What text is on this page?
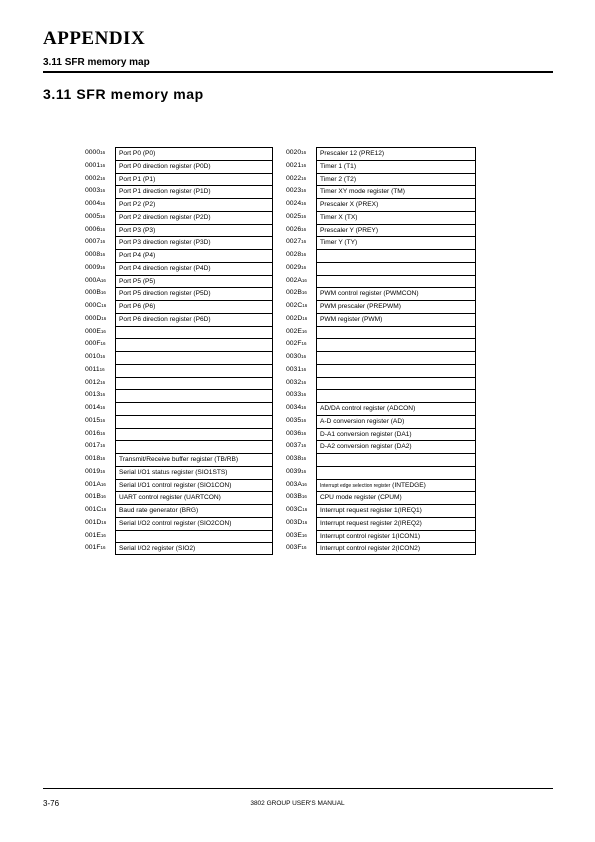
APPENDIX
3.11 SFR memory map
3.11 SFR memory map
000016	Port P0 (P0)
000116	Port P0 direction register (P0D)
000216	Port P1 (P1)
000316	Port P1 direction register (P1D)
000416	Port P2 (P2)
000516	Port P2 direction register (P2D)
000616	Port P3 (P3)
000716	Port P3 direction register (P3D)
000816	Port P4 (P4)
000916	Port P4 direction register (P4D)
000A16	Port P5 (P5)
000B16	Port P5 direction register (P5D)
000C16	Port P6 (P6)
000D16	Port P6 direction register (P6D)
000E16
000F16
001016
001116
001216
001316
001416
001516
001616
001716
001816	Transmit/Receive buffer register (TB/RB)
001916	Serial I/O1 status register (SIO1STS)
001A16	Serial I/O1 control register (SIO1CON)
001B16	UART control register (UARTCON)
001C16	Baud rate generator (BRG)
001D16	Serial I/O2 control register (SIO2CON)
001E16
001F16	Serial I/O2 register (SIO2)
002016	Prescaler 12 (PRE12)
002116	Timer 1 (T1)
002216	Timer 2 (T2)
002316	Timer XY mode register (TM)
002416	Prescaler X (PREX)
002516	Timer X (TX)
002616	Prescaler Y (PREY)
002716	Timer Y (TY)
002816
002916
002A16
002B16	PWM control register (PWMCON)
002C16	PWM prescaler (PREPWM)
002D16	PWM register (PWM)
002E16
002F16
003016
003116
003216
003316
003416	AD/DA control register (ADCON)
003516	A-D conversion register (AD)
003616	D-A1 conversion register (DA1)
003716	D-A2 conversion register (DA2)
003816
003916
003A16	Interrupt edge selection register (INTEDGE)
003B16	CPU mode register (CPUM)
003C16	Interrupt request register 1(IREQ1)
003D16	Interrupt request register 2(IREQ2)
003E16	Interrupt control register 1(ICON1)
003F16	Interrupt control register 2(ICON2)
3-76	3802 GROUP USER'S MANUAL
